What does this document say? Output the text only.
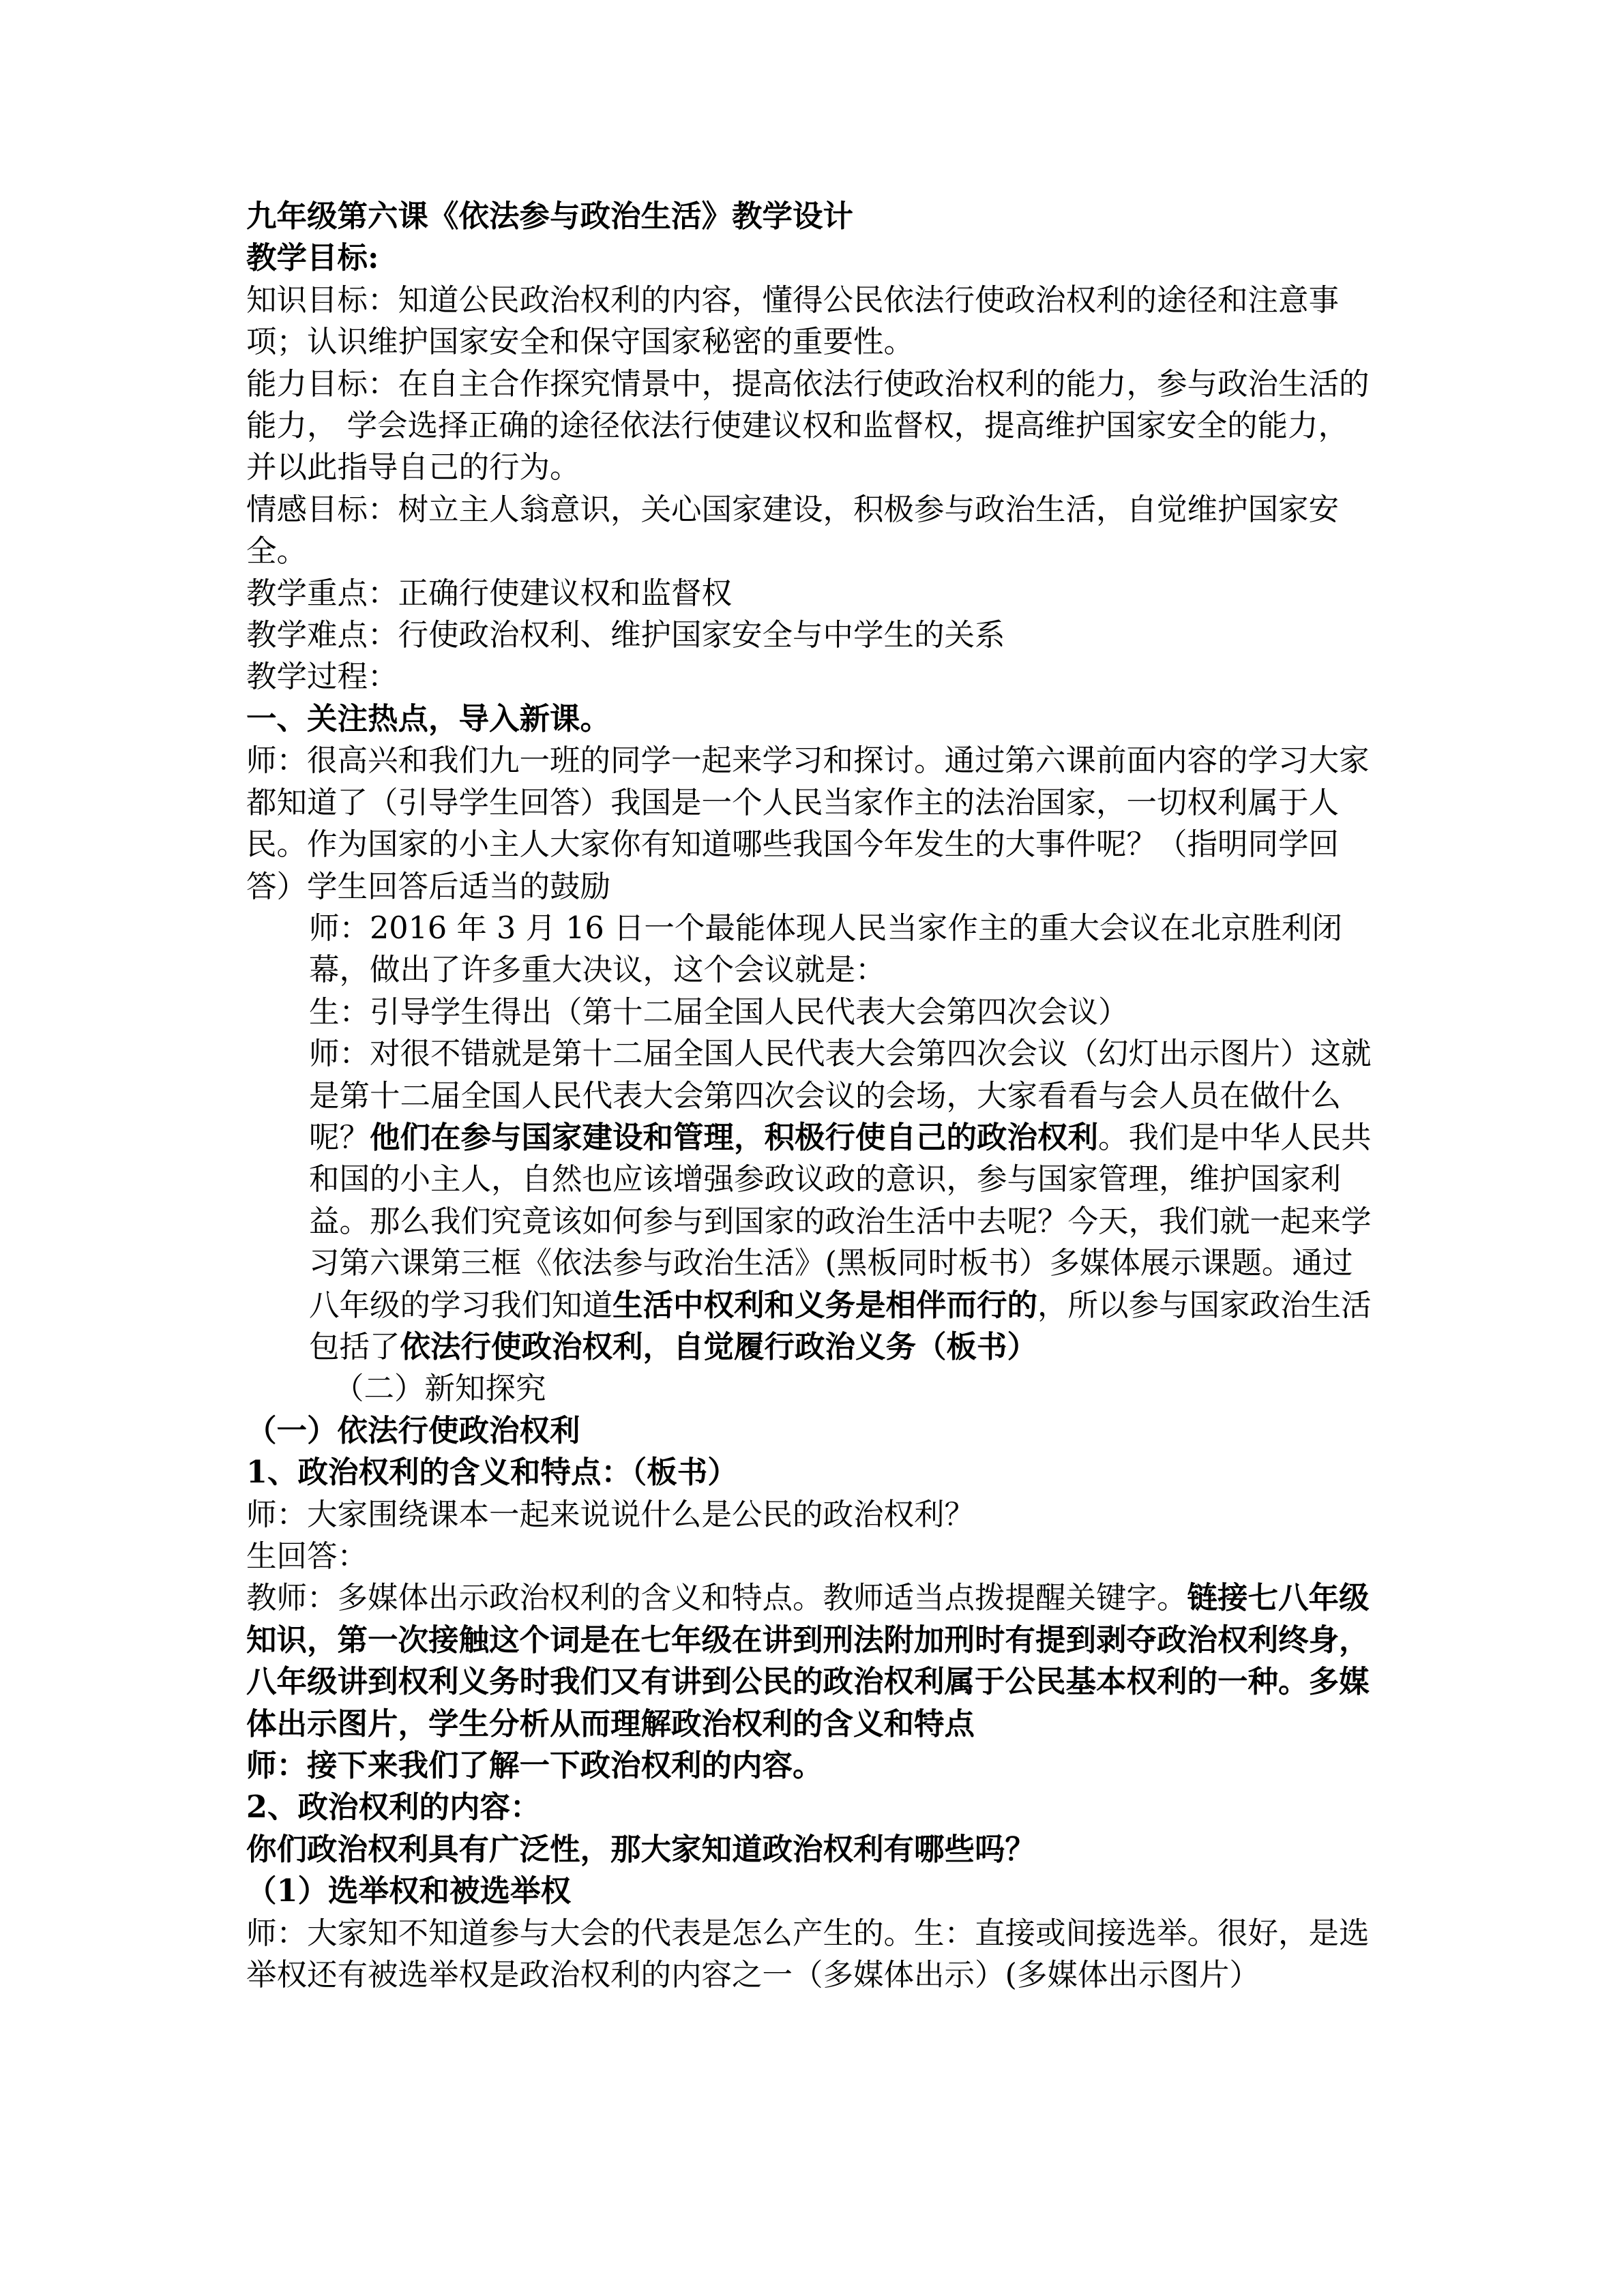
九年级第六课《依法参与政治生活》教学设计

教学目标:

知识目标：知道公民政治权利的内容，懂得公民依法行使政治权利的途径和注意事项；认识维护国家安全和保守国家秘密的重要性。

能力目标：在自主合作探究情景中，提高依法行使政治权利的能力，参与政治生活的能力， 学会选择正确的途径依法行使建议权和监督权，提高维护国家安全的能力，并以此指导自己的行为。

情感目标：树立主人翁意识，关心国家建设，积极参与政治生活，自觉维护国家安全。

教学重点：正确行使建议权和监督权

教学难点：行使政治权利、维护国家安全与中学生的关系

教学过程：

一、关注热点，导入新课。

师：很高兴和我们九一班的同学一起来学习和探讨。通过第六课前面内容的学习大家都知道了（引导学生回答）我国是一个人民当家作主的法治国家，一切权利属于人民。作为国家的小主人大家你有知道哪些我国今年发生的大事件呢？（指明同学回答）学生回答后适当的鼓励

师：2016 年 3 月 16 日一个最能体现人民当家作主的重大会议在北京胜利闭幕，做出了许多重大决议，这个会议就是：

生：引导学生得出（第十二届全国人民代表大会第四次会议）

师：对很不错就是第十二届全国人民代表大会第四次会议（幻灯出示图片）这就是第十二届全国人民代表大会第四次会议的会场，大家看看与会人员在做什么呢？他们在参与国家建设和管理，积极行使自己的政治权利。我们是中华人民共和国的小主人，自然也应该增强参政议政的意识，参与国家管理，维护国家利益。那么我们究竟该如何参与到国家的政治生活中去呢？今天，我们就一起来学习第六课第三框《依法参与政治生活》(黑板同时板书）多媒体展示课题。通过八年级的学习我们知道生活中权利和义务是相伴而行的，所以参与国家政治生活包括了依法行使政治权利，自觉履行政治义务（板书）

（二）新知探究

（一）依法行使政治权利

1、政治权利的含义和特点：（板书）

师：大家围绕课本一起来说说什么是公民的政治权利？

生回答：

教师：多媒体出示政治权利的含义和特点。教师适当点拨提醒关键字。链接七八年级知识，第一次接触这个词是在七年级在讲到刑法附加刑时有提到剥夺政治权利终身，八年级讲到权利义务时我们又有讲到公民的政治权利属于公民基本权利的一种。多媒体出示图片，学生分析从而理解政治权利的含义和特点

师：接下来我们了解一下政治权利的内容。

2、政治权利的内容：

你们政治权利具有广泛性，那大家知道政治权利有哪些吗？

（1）选举权和被选举权

师：大家知不知道参与大会的代表是怎么产生的。生：直接或间接选举。很好，是选举权还有被选举权是政治权利的内容之一（多媒体出示）(多媒体出示图片）
